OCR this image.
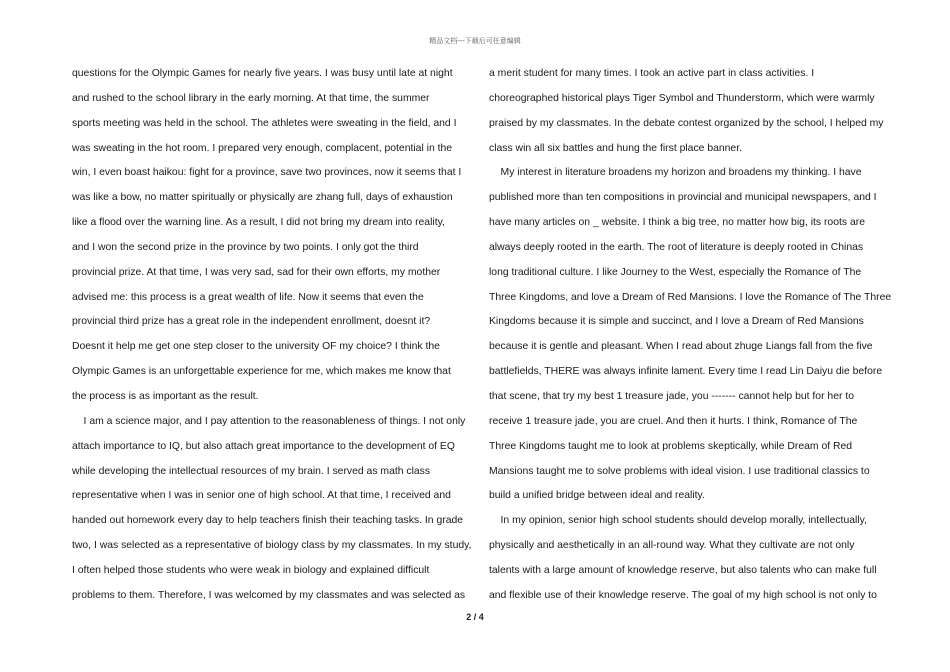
精品文档---下载后可任意编辑
questions for the Olympic Games for nearly five years. I was busy until late at night
and rushed to the school library in the early morning. At that time, the summer
sports meeting was held in the school. The athletes were sweating in the field, and I
was sweating in the hot room. I prepared very enough, complacent, potential in the
win, I even boast haikou: fight for a province, save two provinces, now it seems that I
was like a bow, no matter spiritually or physically are zhang full, days of exhaustion
like a flood over the warning line. As a result, I did not bring my dream into reality,
and I won the second prize in the province by two points. I only got the third
provincial prize. At that time, I was very sad, sad for their own efforts, my mother
advised me: this process is a great wealth of life. Now it seems that even the
provincial third prize has a great role in the independent enrollment, doesnt it?
Doesnt it help me get one step closer to the university OF my choice? I think the
Olympic Games is an unforgettable experience for me, which makes me know that
the process is as important as the result.
I am a science major, and I pay attention to the reasonableness of things. I not only
attach importance to IQ, but also attach great importance to the development of EQ
while developing the intellectual resources of my brain. I served as math class
representative when I was in senior one of high school. At that time, I received and
handed out homework every day to help teachers finish their teaching tasks. In grade
two, I was selected as a representative of biology class by my classmates. In my study,
I often helped those students who were weak in biology and explained difficult
problems to them. Therefore, I was welcomed by my classmates and was selected as
a merit student for many times. I took an active part in class activities. I
choreographed historical plays Tiger Symbol and Thunderstorm, which were warmly
praised by my classmates. In the debate contest organized by the school, I helped my
class win all six battles and hung the first place banner.
My interest in literature broadens my horizon and broadens my thinking. I have
published more than ten compositions in provincial and municipal newspapers, and I
have many articles on _ website. I think a big tree, no matter how big, its roots are
always deeply rooted in the earth. The root of literature is deeply rooted in Chinas
long traditional culture. I like Journey to the West, especially the Romance of The
Three Kingdoms, and love a Dream of Red Mansions. I love the Romance of The Three
Kingdoms because it is simple and succinct, and I love a Dream of Red Mansions
because it is gentle and pleasant. When I read about zhuge Liangs fall from the five
battlefields, THERE was always infinite lament. Every time I read Lin Daiyu die before
that scene, that try my best 1 treasure jade, you ------- cannot help but for her to
receive 1 treasure jade, you are cruel. And then it hurts. I think, Romance of The
Three Kingdoms taught me to look at problems skeptically, while Dream of Red
Mansions taught me to solve problems with ideal vision. I use traditional classics to
build a unified bridge between ideal and reality.
In my opinion, senior high school students should develop morally, intellectually,
physically and aesthetically in an all-round way. What they cultivate are not only
talents with a large amount of knowledge reserve, but also talents who can make full
and flexible use of their knowledge reserve. The goal of my high school is not only to
2 / 4
